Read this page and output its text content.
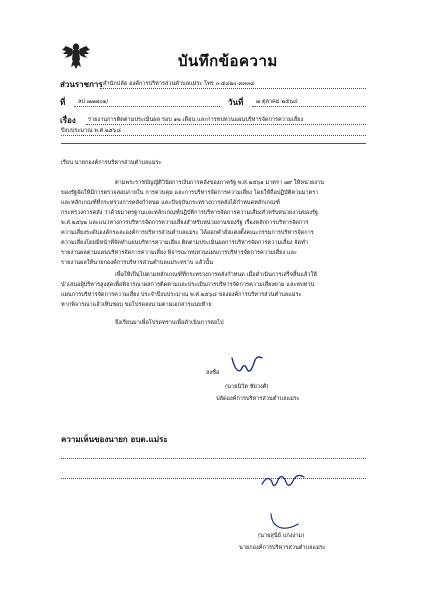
บันทึกข้อความ
ส่วนราชการ สำนักปลัด องค์การบริหารส่วนตำบลแม่ระ โทร ๐-๕๔๒๐-๓๓๓๔
ที่ ลป ๗๗๗๐๑/	วันที่ ๗ ตุลาคม ๒๕๖๘
เรื่อง รายงานการติดตามประเมินผล รอบ ๑๒ เดือน และการทบทวนแผนบริหารจัดการความเสี่ยง
ปีงบประมาณ พ.ศ.๒๕๖๘
เรียน นายกองค์การบริหารส่วนตำบลแม่ระ
ตามพระราชบัญญัติวินัยการเงินการคลังของภาครัฐ พ.ศ.๒๕๖๑ มาตรา ๗๙ ให้หน่วยงาน
ของรัฐจัดให้มีการตรวจสอบภายใน การควบคุม และการบริหารจัดการความเสี่ยง โดยให้ถือปฏิบัติตามมาตรา
และหลักเกณฑ์ที่กระทรวงการคลังกำหนด และปัจจุบันกระทรวงการคลังได้กำหนดหลักเกณฑ์
กระทรวงการคลัง ว่าด้วยมาตรฐานและหลักเกณฑ์ปฏิบัติการบริหารจัดการความเสี่ยงสำหรับหน่วยงานของรัฐ
พ.ศ.๒๕๖๒ และแนวทางการบริหารจัดการความเสี่ยงสำหรับหน่วยงานของรัฐ เรื่องหลักการบริหารจัดการ
ความเสี่ยงระดับองค์กรและองค์การบริหารส่วนตำบลแม่ระ ได้ออกคำสั่งแต่งตั้งคณะกรรมการบริหารจัดการ
ความเสี่ยงโดยมีหน้าที่จัดทำแผนบริหารความเสี่ยง ติดตามประเมินผลการบริหารจัดการความเสี่ยง จัดทำ
รายงานผลตามแผนบริหารจัดการความเสี่ยง พิจารณาทบทวนแผนการบริหารจัดการความเสี่ยง และ
รายงานผลให้นายกองค์การบริหารส่วนตำบลแม่ระทราบ แล้วนั้น
เพื่อให้เป็นไปตามหลักเกณฑ์ที่กระทรวงการคลังกำหนด เมื่อดำเนินการเสร็จสิ้นแล้วให้
นำเสนอผู้บริหารสูงสุดเพื่อพิจารณาผลการติดตามและประเมินการบริหารจัดการความเสี่ยงตาม และทบทวน
แผนการบริหารจัดการความเสี่ยง ประจำปีงบประมาณ พ.ศ.๒๕๖๘ ขององค์การบริหารส่วนตำบลแม่ระ
หากพิจารณาแล้วเห็นชอบ ขอโปรดลงนามตามเอกสารแนบท้าย
จึงเรียนมาเพื่อโปรดทราบเพื่อดำเนินการต่อไป
ลงชื่อ
(นายนิวิต ชัยวงศ์)
ปลัดองค์การบริหารส่วนตำบลแม่ระ
ความเห็นของนายก อบต.แม่ระ
(นายสุนีย์ แก่งงาม)
นายกองค์การบริหารส่วนตำบลแม่ระ
